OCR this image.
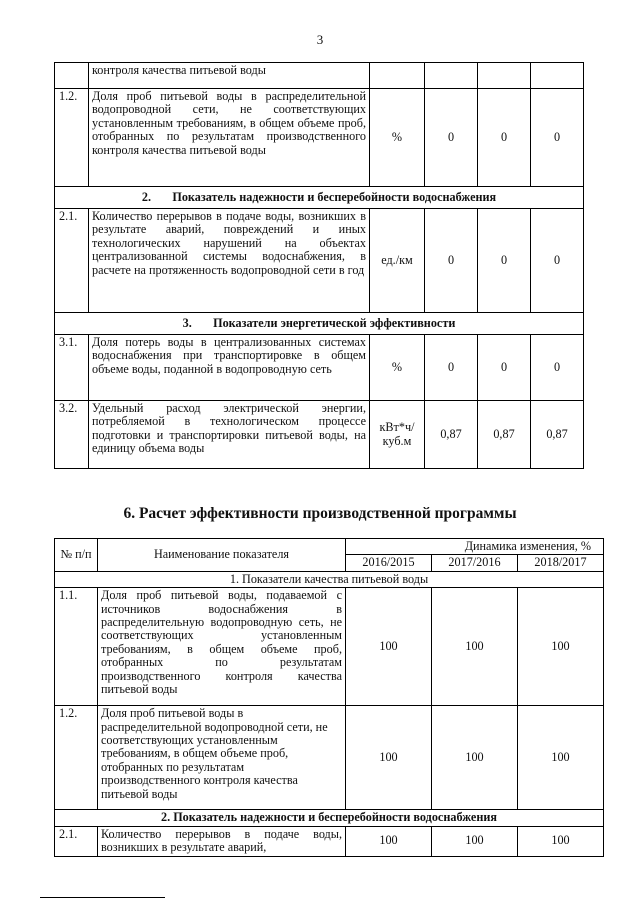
3
	контроля качества питьевой воды				
1.2.	Доля проб питьевой воды в распределительной водопроводной сети, не соответствующих установленным требованиям, в общем объеме проб, отобранных по результатам производственного контроля качества питьевой воды	%	0	0	0
2.       Показатель надежности и бесперебойности водоснабжения					
2.1.	Количество перерывов в подаче воды, возникших в результате аварий, повреждений и иных технологических нарушений на объектах централизованной системы водоснабжения, в расчете на протяженность водопроводной сети в год	ед./км	0	0	0
3.       Показатели энергетической эффективности					
3.1.	Доля потерь воды в централизованных системах водоснабжения при транспортировке в общем объеме воды, поданной в водопроводную сеть	%	0	0	0
3.2.	Удельный расход электрической энергии, потребляемой в технологическом процессе подготовки и транспортировки питьевой воды, на единицу объема воды	кВт*ч/ куб.м	0,87	0,87	0,87
6. Расчет эффективности производственной программы
№ п/п	Наименование показателя	Динамика изменения, %		
		2016/2015	2017/2016	2018/2017
1. Показатели качества питьевой воды				
1.1.	Доля проб питьевой воды, подаваемой с источников водоснабжения в распределительную водопроводную сеть, не соответствующих установленным требованиям, в общем объеме проб, отобранных по результатам производственного контроля качества питьевой воды	100	100	100
1.2.	Доля проб питьевой воды в распределительной водопроводной сети, не соответствующих установленным требованиям, в общем объеме проб, отобранных по результатам производственного контроля качества питьевой воды	100	100	100
2. Показатель надежности и бесперебойности водоснабжения				
2.1.	Количество перерывов в подаче воды, возникших в результате аварий,	100	100	100
